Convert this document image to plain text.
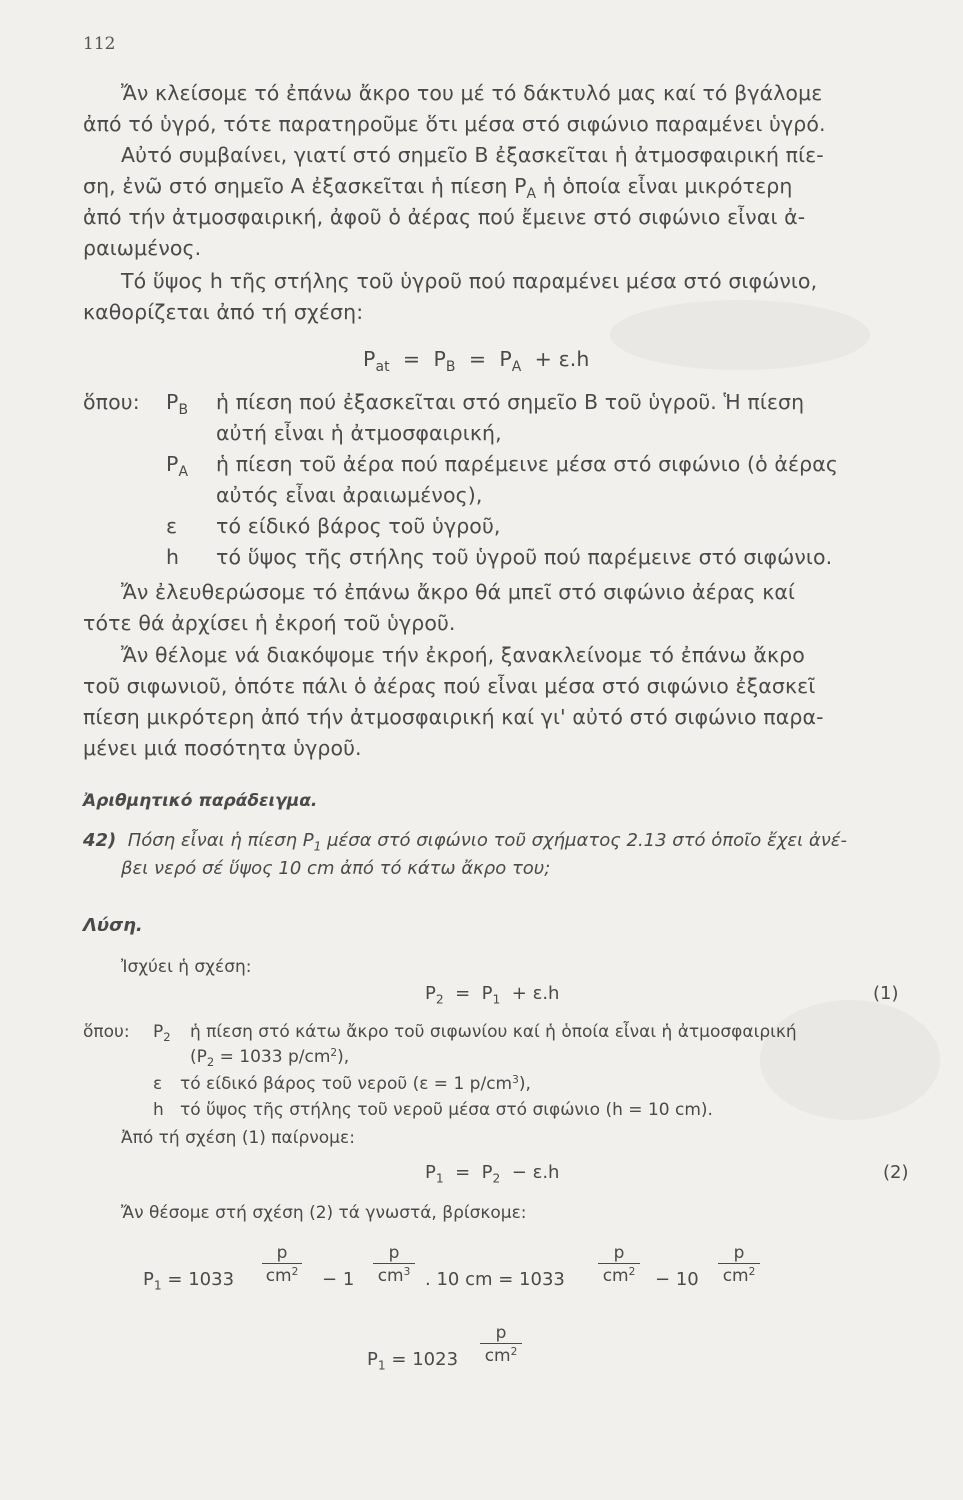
112
Ἄν κλείσομε τό ἐπάνω ἄκρο του μέ τό δάκτυλό μας καί τό βγάλομε
ἀπό τό ὑγρό, τότε παρατηροῦμε ὅτι μέσα στό σιφώνιο παραμένει ὑγρό.
Αὐτό συμβαίνει, γιατί στό σημεῖο Β ἐξασκεῖται ἡ ἀτμοσφαιρική πίε-
ση, ἐνῶ στό σημεῖο Α ἐξασκεῖται ἡ πίεση $P_A$ ἡ ὁποία εἶναι μικρότερη
ἀπό τήν ἀτμοσφαιρική, ἀφοῦ ὁ ἀέρας πού ἔμεινε στό σιφώνιο εἶναι ἀ-
ραιωμένος.
Τό ὕψος h τῆς στήλης τοῦ ὑγροῦ πού παραμένει μέσα στό σιφώνιο,
καθορίζεται ἀπό τή σχέση:
$P_{at} = P_B = P_A + \varepsilon.h$
ὅπου: $P_B$ ἡ πίεση πού ἐξασκεῖται στό σημεῖο Β τοῦ ὑγροῦ. Ἡ πίεση
αὐτή εἶναι ἡ ἀτμοσφαιρική,
$P_A$ ἡ πίεση τοῦ ἀέρα πού παρέμεινε μέσα στό σιφώνιο (ὁ ἀέρας
αὐτός εἶναι ἀραιωμένος),
ε τό είδικό βάρος τοῦ ὑγροῦ,
h τό ὕψος τῆς στήλης τοῦ ὑγροῦ πού παρέμεινε στό σιφώνιο.
Ἄν ἐλευθερώσομε τό ἐπάνω ἄκρο θά μπεῖ στό σιφώνιο ἀέρας καί
τότε θά ἀρχίσει ἡ ἐκροή τοῦ ὑγροῦ.
Ἄν θέλομε νά διακόψομε τήν ἐκροή, ξανακλείνομε τό ἐπάνω ἄκρο
τοῦ σιφωνιοῦ, ὁπότε πάλι ὁ ἀέρας πού εἶναι μέσα στό σιφώνιο ἐξασκεῖ
πίεση μικρότερη ἀπό τήν ἀτμοσφαιρική καί γι' αὐτό στό σιφώνιο παρα-
μένει μιά ποσότητα ὑγροῦ.
Ἀριθμητικό παράδειγμα.
42) Πόση εἶναι ἡ πίεση $P_1$ μέσα στό σιφώνιο τοῦ σχήματος 2.13 στό ὁποῖο ἔχει ἀνέ-
βει νερό σέ ὕψος 10 cm ἀπό τό κάτω ἄκρο του;
Λύση.
Ἰσχύει ἡ σχέση:
$P_2 = P_1 + \varepsilon.h$	(1)
ὅπου: $P_2$ ἡ πίεση στό κάτω ἄκρο τοῦ σιφωνίου καί ἡ ὁποία εἶναι ἡ ἀτμοσφαιρική
($P_2 = 1033$ $p/cm^2$),
ε τό είδικό βάρος τοῦ νεροῦ (ε = 1 $p/cm^3$),
h τό ὕψος τῆς στήλης τοῦ νεροῦ μέσα στό σιφώνιο (h = 10 cm).
Ἀπό τή σχέση (1) παίρνομε:
$P_1 = P_2 - \varepsilon.h$	(2)
Ἄν θέσομε στή σχέση (2) τά γνωστά, βρίσκομε:
$P_1 = 1033$
p
$cm^2 - 1$
p
$cm^3$ . 10 cm = 1033
p
$cm^2 - 10$
p
$cm^2$
$P_1 = 1023$
p
$cm^2$
